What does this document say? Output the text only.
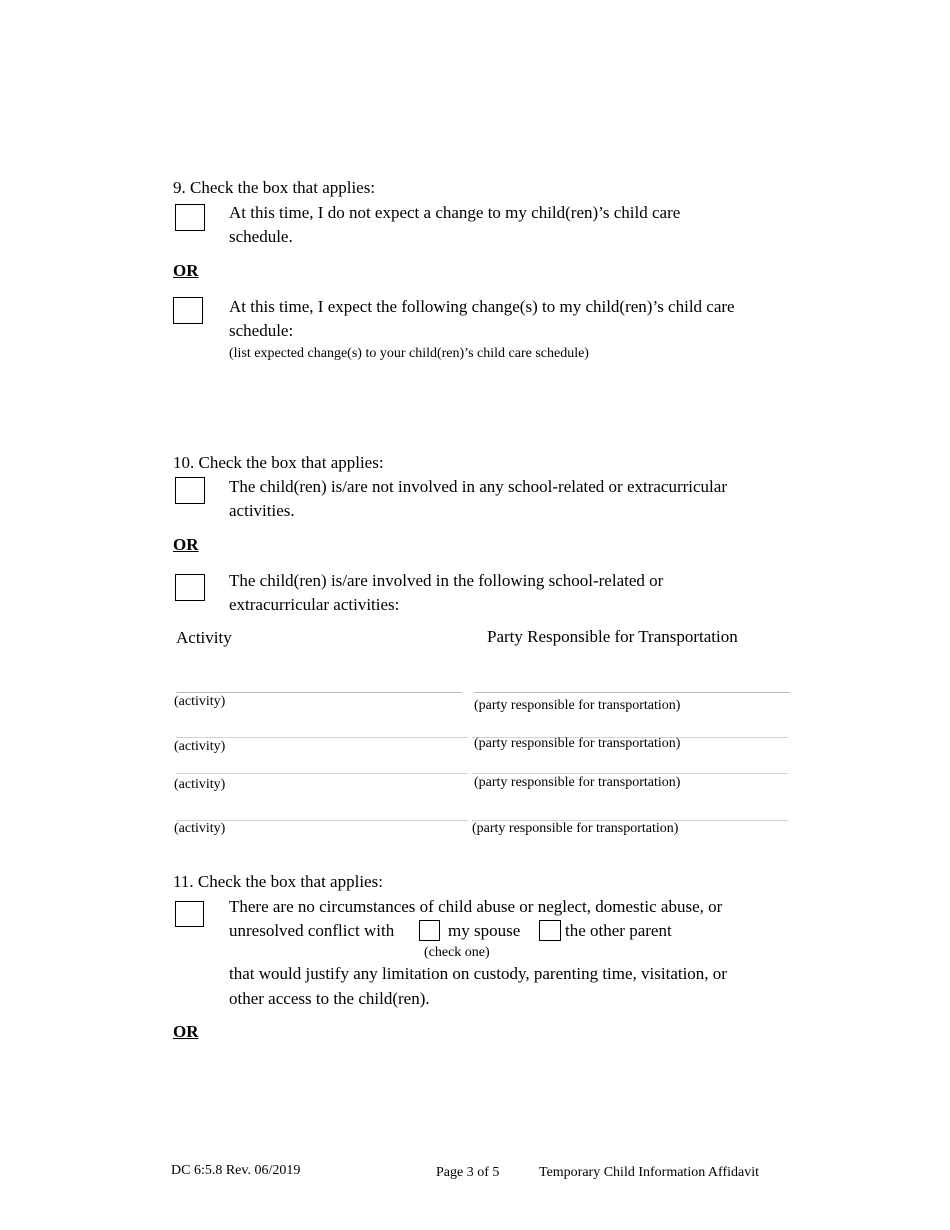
9. Check the box that applies:
At this time, I do not expect a change to my child(ren)’s child care
schedule.
OR
At this time, I expect the following change(s) to my child(ren)’s child care
schedule:
(list expected change(s) to your child(ren)’s child care schedule)
10. Check the box that applies:
The child(ren) is/are not involved in any school-related or extracurricular
activities.
OR
The child(ren) is/are involved in the following school-related or
extracurricular activities:
Activity	Party Responsible for Transportation
(activity)	(party responsible for transportation)
(activity)	(party responsible for transportation)
(activity)	(party responsible for transportation)
(activity)	(party responsible for transportation)
11. Check the box that applies:
There are no circumstances of child abuse or neglect, domestic abuse, or
unresolved conflict with	my spouse	the other parent
(check one)
that would justify any limitation on custody, parenting time, visitation, or
other access to the child(ren).
OR
DC 6:5.8 Rev. 06/2019	Page 3 of 5	Temporary Child Information Affidavit
